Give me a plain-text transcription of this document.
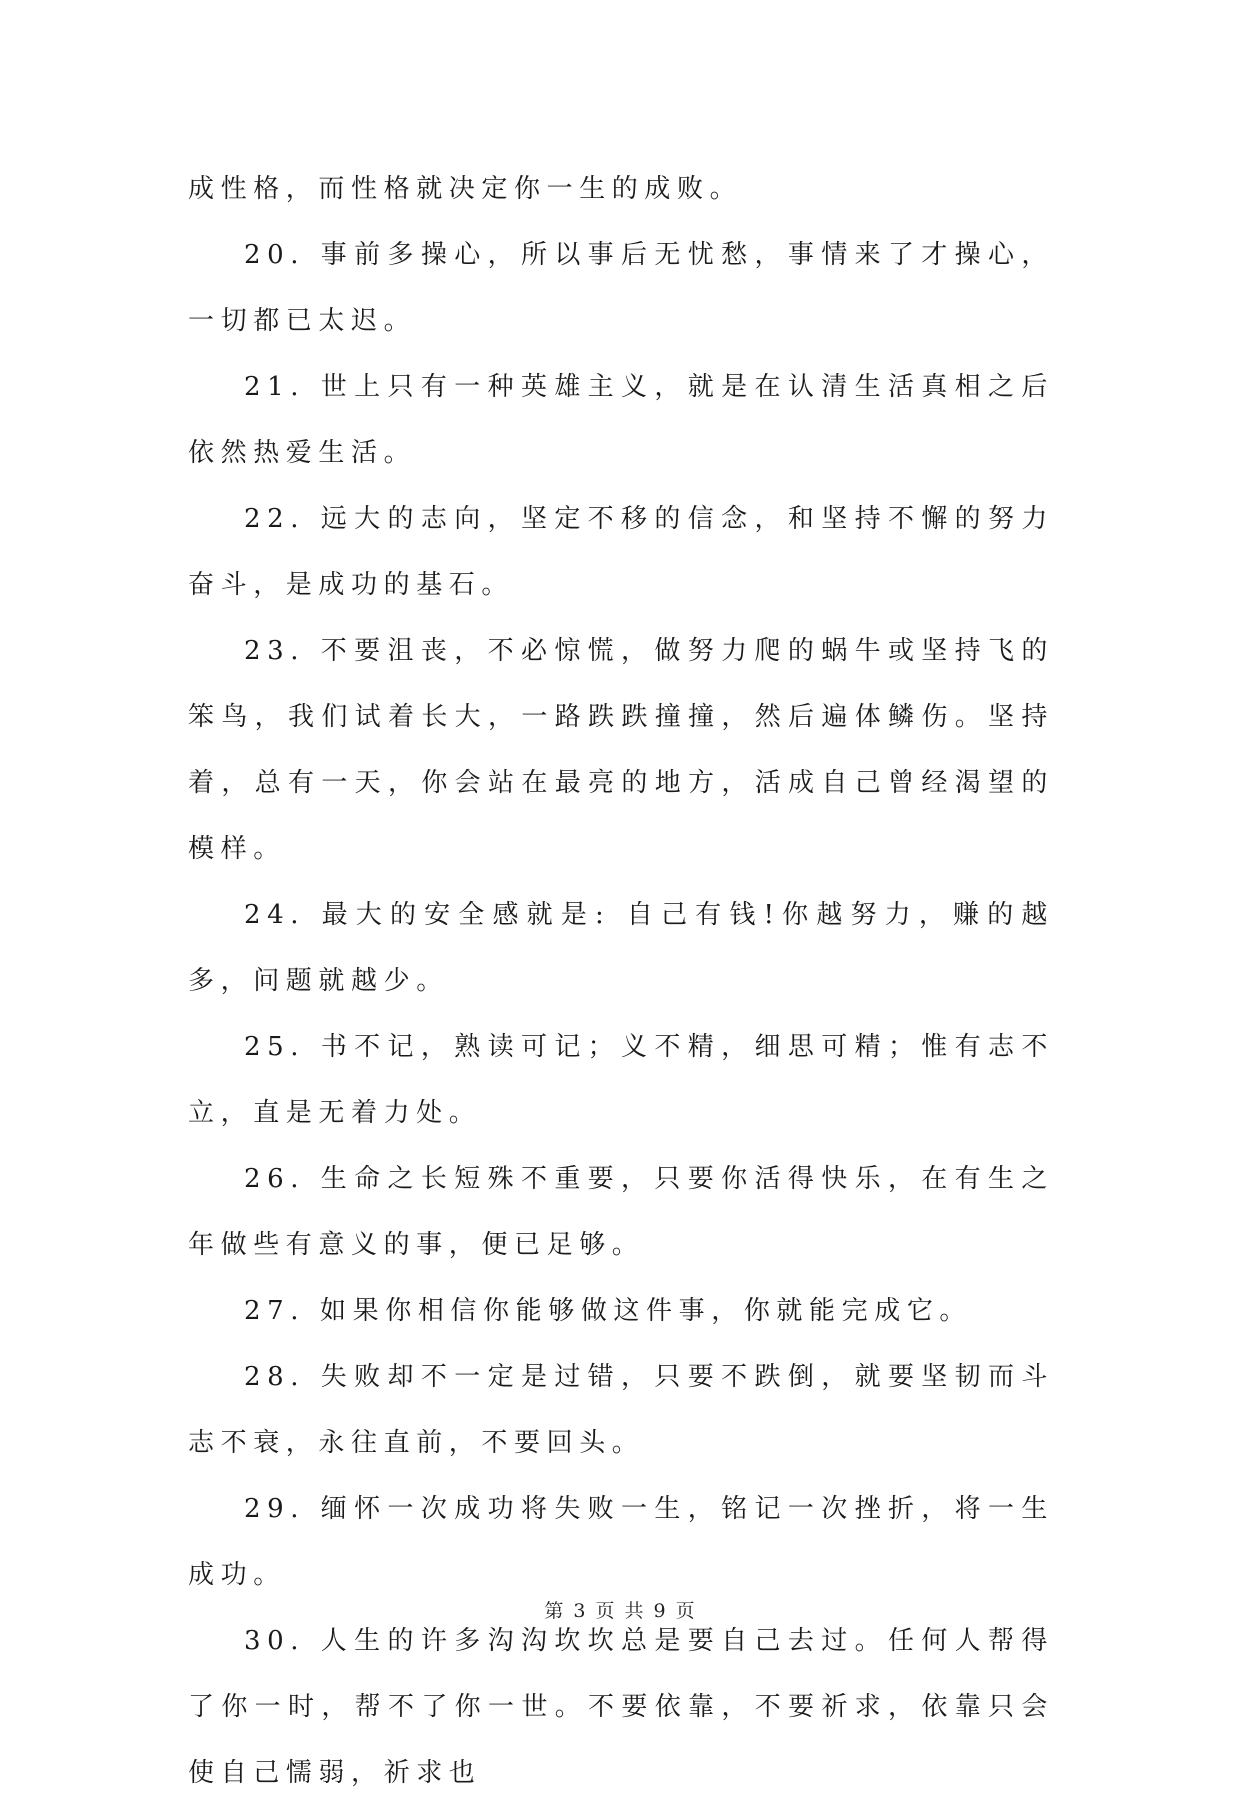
成性格，而性格就决定你一生的成败。

20. 事前多操心，所以事后无忧愁，事情来了才操心，一切都已太迟。

21. 世上只有一种英雄主义，就是在认清生活真相之后依然热爱生活。

22. 远大的志向，坚定不移的信念，和坚持不懈的努力奋斗，是成功的基石。

23. 不要沮丧，不必惊慌，做努力爬的蜗牛或坚持飞的笨鸟，我们试着长大，一路跌跌撞撞，然后遍体鳞伤。坚持着，总有一天，你会站在最亮的地方，活成自己曾经渴望的模样。

24. 最大的安全感就是: 自己有钱!你越努力，赚的越多，问题就越少。

25. 书不记，熟读可记；义不精，细思可精；惟有志不立，直是无着力处。

26. 生命之长短殊不重要，只要你活得快乐，在有生之年做些有意义的事，便已足够。

27. 如果你相信你能够做这件事，你就能完成它。

28. 失败却不一定是过错，只要不跌倒，就要坚韧而斗志不衰，永往直前，不要回头。

29. 缅怀一次成功将失败一生，铭记一次挫折，将一生成功。

30. 人生的许多沟沟坎坎总是要自己去过。任何人帮得了你一时，帮不了你一世。不要依靠，不要祈求，依靠只会使自己懦弱，祈求也

第 3 页 共 9 页
